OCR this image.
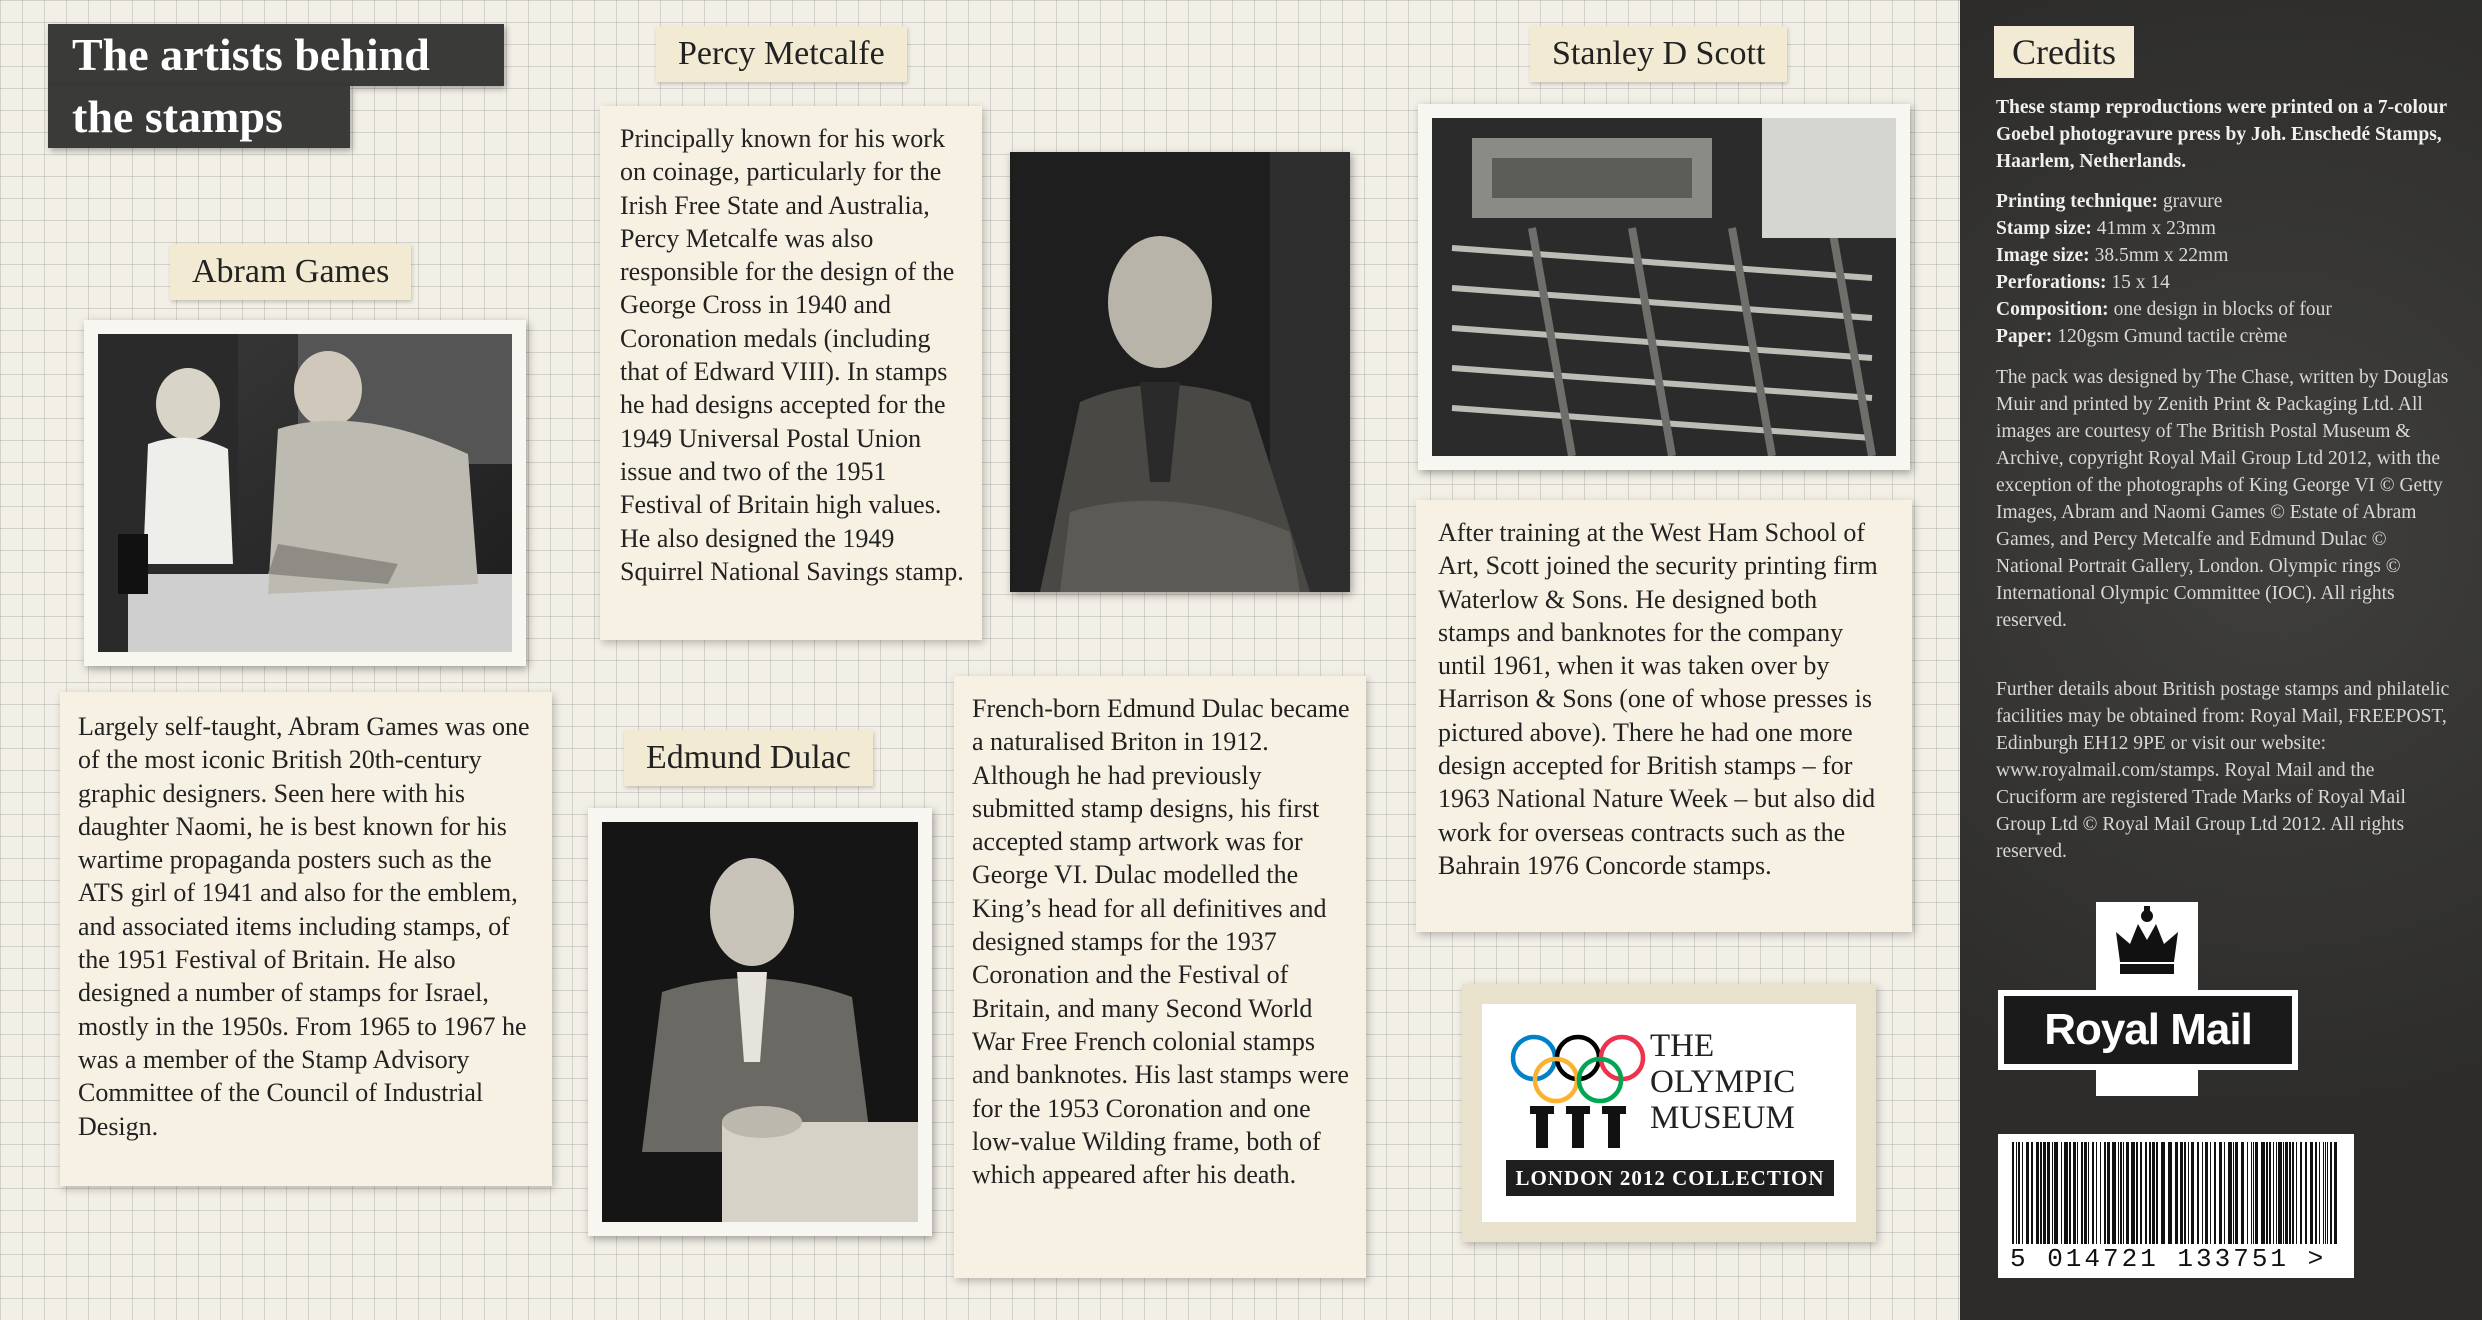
The artists behind
the stamps
Abram Games

Largely self-taught, Abram Games was one of the most iconic British 20th-century graphic designers. Seen here with his daughter Naomi, he is best known for his wartime propaganda posters such as the ATS girl of 1941 and also for the emblem, and associated items including stamps, of the 1951 Festival of Britain. He also designed a number of stamps for Israel, mostly in the 1950s. From 1965 to 1967 he was a member of the Stamp Advisory Committee of the Council of Industrial Design.

Percy Metcalfe

Principally known for his work on coinage, particularly for the Irish Free State and Australia, Percy Metcalfe was also responsible for the design of the George Cross in 1940 and Coronation medals (including that of Edward VIII). In stamps he had designs accepted for the 1949 Universal Postal Union issue and two of the 1951 Festival of Britain high values. He also designed the 1949 Squirrel National Savings stamp.

Edmund Dulac

French-born Edmund Dulac became a naturalised Briton in 1912. Although he had previously submitted stamp designs, his first accepted stamp artwork was for George VI. Dulac modelled the King’s head for all definitives and designed stamps for the 1937 Coronation and the Festival of Britain, and many Second World War Free French colonial stamps and banknotes. His last stamps were for the 1953 Coronation and one low-value Wilding frame, both of which appeared after his death.

Stanley D Scott

After training at the West Ham School of Art, Scott joined the security printing firm Waterlow & Sons. He designed both stamps and banknotes for the company until 1961, when it was taken over by Harrison & Sons (one of whose presses is pictured above). There he had one more design accepted for British stamps – for 1963 National Nature Week – but also did work for overseas contracts such as the Bahrain 1976 Concorde stamps.

THE
OLYMPIC
MUSEUM
LONDON 2012 COLLECTION
Credits
These stamp reproductions were printed on a 7-colour Goebel photogravure press by Joh. Enschedé Stamps, Haarlem, Netherlands.
Printing technique: gravure
Stamp size: 41mm x 23mm
Image size: 38.5mm x 22mm
Perforations: 15 x 14
Composition: one design in blocks of four
Paper: 120gsm Gmund tactile crème
The pack was designed by The Chase, written by Douglas Muir and printed by Zenith Print & Packaging Ltd. All images are courtesy of The British Postal Museum & Archive, copyright Royal Mail Group Ltd 2012, with the exception of the photographs of King George VI © Getty Images, Abram and Naomi Games © Estate of Abram Games, and Percy Metcalfe and Edmund Dulac © National Portrait Gallery, London. Olympic rings © International Olympic Committee (IOC). All rights reserved.
Further details about British postage stamps and philatelic facilities may be obtained from: Royal Mail, FREEPOST, Edinburgh EH12 9PE or visit our website: www.royalmail.com/stamps. Royal Mail and the Cruciform are registered Trade Marks of Royal Mail Group Ltd © Royal Mail Group Ltd 2012. All rights reserved.
Royal Mail
5 014721 133751 >
